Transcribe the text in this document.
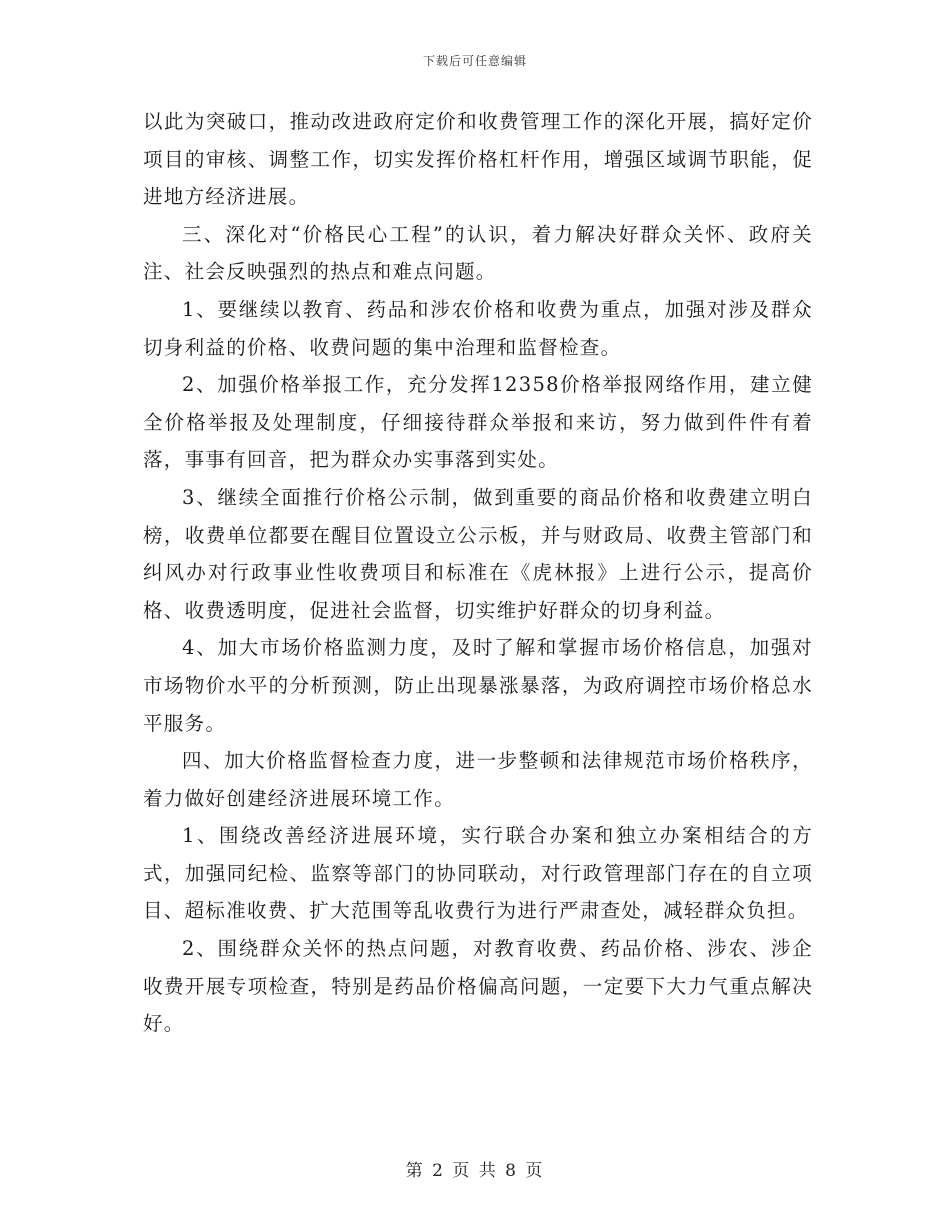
下载后可任意编辑

以此为突破口，推动改进政府定价和收费管理工作的深化开展，搞好定价项目的审核、调整工作，切实发挥价格杠杆作用，增强区域调节职能，促进地方经济进展。

三、深化对“价格民心工程”的认识，着力解决好群众关怀、政府关注、社会反映强烈的热点和难点问题。

1、要继续以教育、药品和涉农价格和收费为重点，加强对涉及群众切身利益的价格、收费问题的集中治理和监督检查。

2、加强价格举报工作，充分发挥12358价格举报网络作用，建立健全价格举报及处理制度，仔细接待群众举报和来访，努力做到件件有着落，事事有回音，把为群众办实事落到实处。

3、继续全面推行价格公示制，做到重要的商品价格和收费建立明白榜，收费单位都要在醒目位置设立公示板，并与财政局、收费主管部门和纠风办对行政事业性收费项目和标准在《虎林报》上进行公示，提高价格、收费透明度，促进社会监督，切实维护好群众的切身利益。

4、加大市场价格监测力度，及时了解和掌握市场价格信息，加强对市场物价水平的分析预测，防止出现暴涨暴落，为政府调控市场价格总水平服务。

四、加大价格监督检查力度，进一步整顿和法律规范市场价格秩序，着力做好创建经济进展环境工作。

1、围绕改善经济进展环境，实行联合办案和独立办案相结合的方式，加强同纪检、监察等部门的协同联动，对行政管理部门存在的自立项目、超标准收费、扩大范围等乱收费行为进行严肃查处，减轻群众负担。

2、围绕群众关怀的热点问题，对教育收费、药品价格、涉农、涉企收费开展专项检查，特别是药品价格偏高问题，一定要下大力气重点解决好。

第 2 页 共 8 页
